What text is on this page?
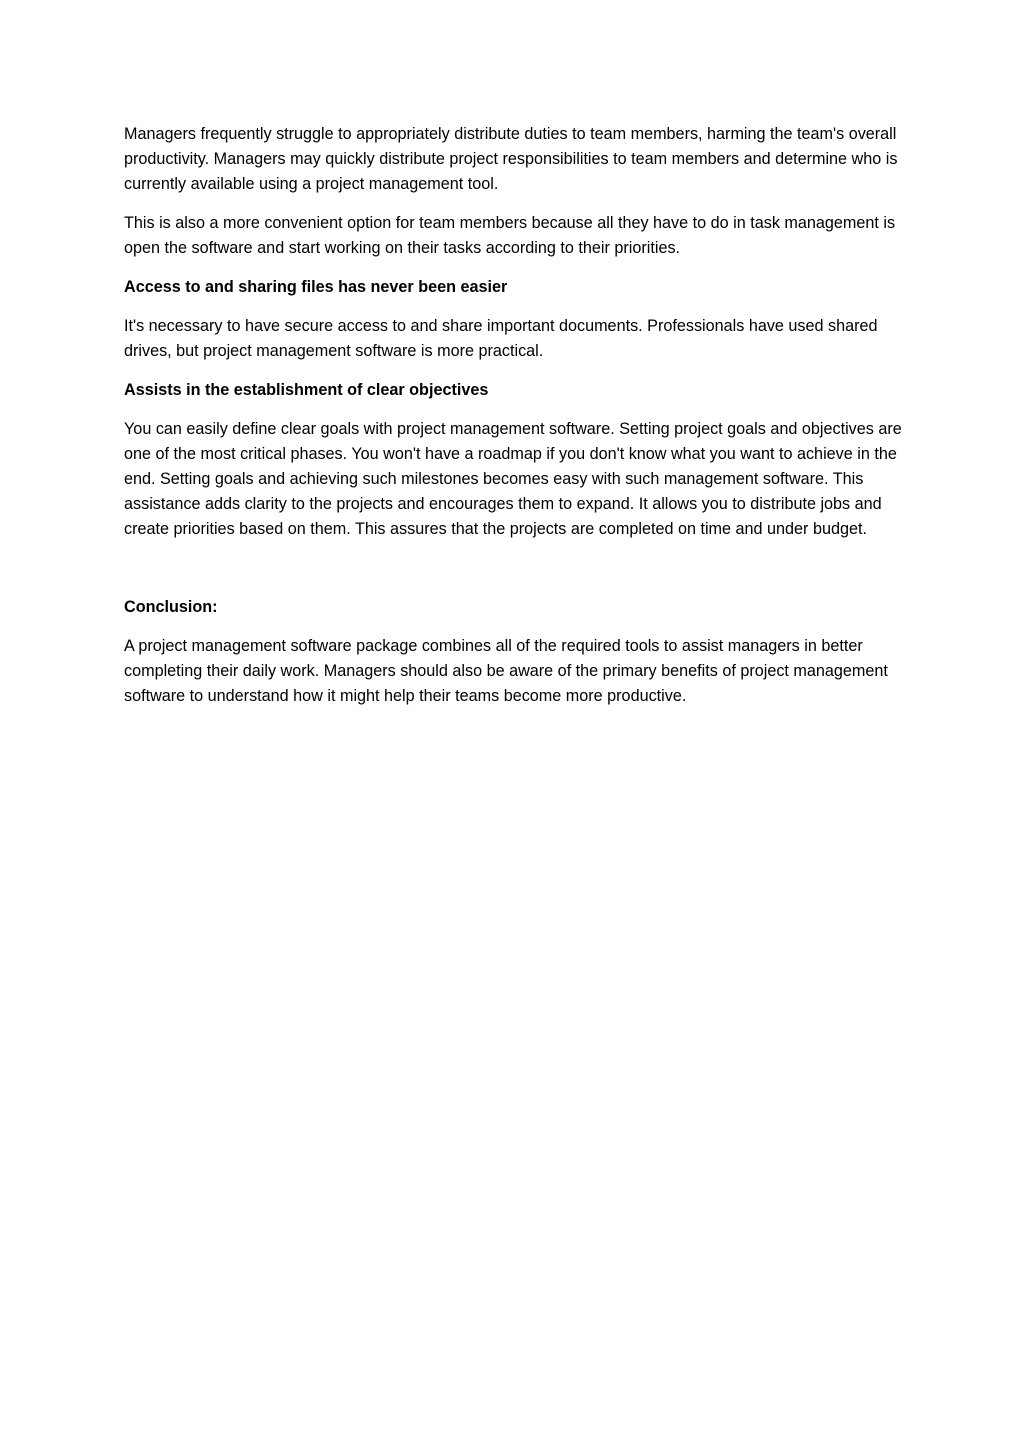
Managers frequently struggle to appropriately distribute duties to team members, harming the team's overall productivity. Managers may quickly distribute project responsibilities to team members and determine who is currently available using a project management tool.

This is also a more convenient option for team members because all they have to do in task management is open the software and start working on their tasks according to their priorities.

Access to and sharing files has never been easier

It's necessary to have secure access to and share important documents. Professionals have used shared drives, but project management software is more practical.

Assists in the establishment of clear objectives

You can easily define clear goals with project management software. Setting project goals and objectives are one of the most critical phases. You won't have a roadmap if you don't know what you want to achieve in the end. Setting goals and achieving such milestones becomes easy with such management software. This assistance adds clarity to the projects and encourages them to expand. It allows you to distribute jobs and create priorities based on them. This assures that the projects are completed on time and under budget.

Conclusion:

A project management software package combines all of the required tools to assist managers in better completing their daily work. Managers should also be aware of the primary benefits of project management software to understand how it might help their teams become more productive.
